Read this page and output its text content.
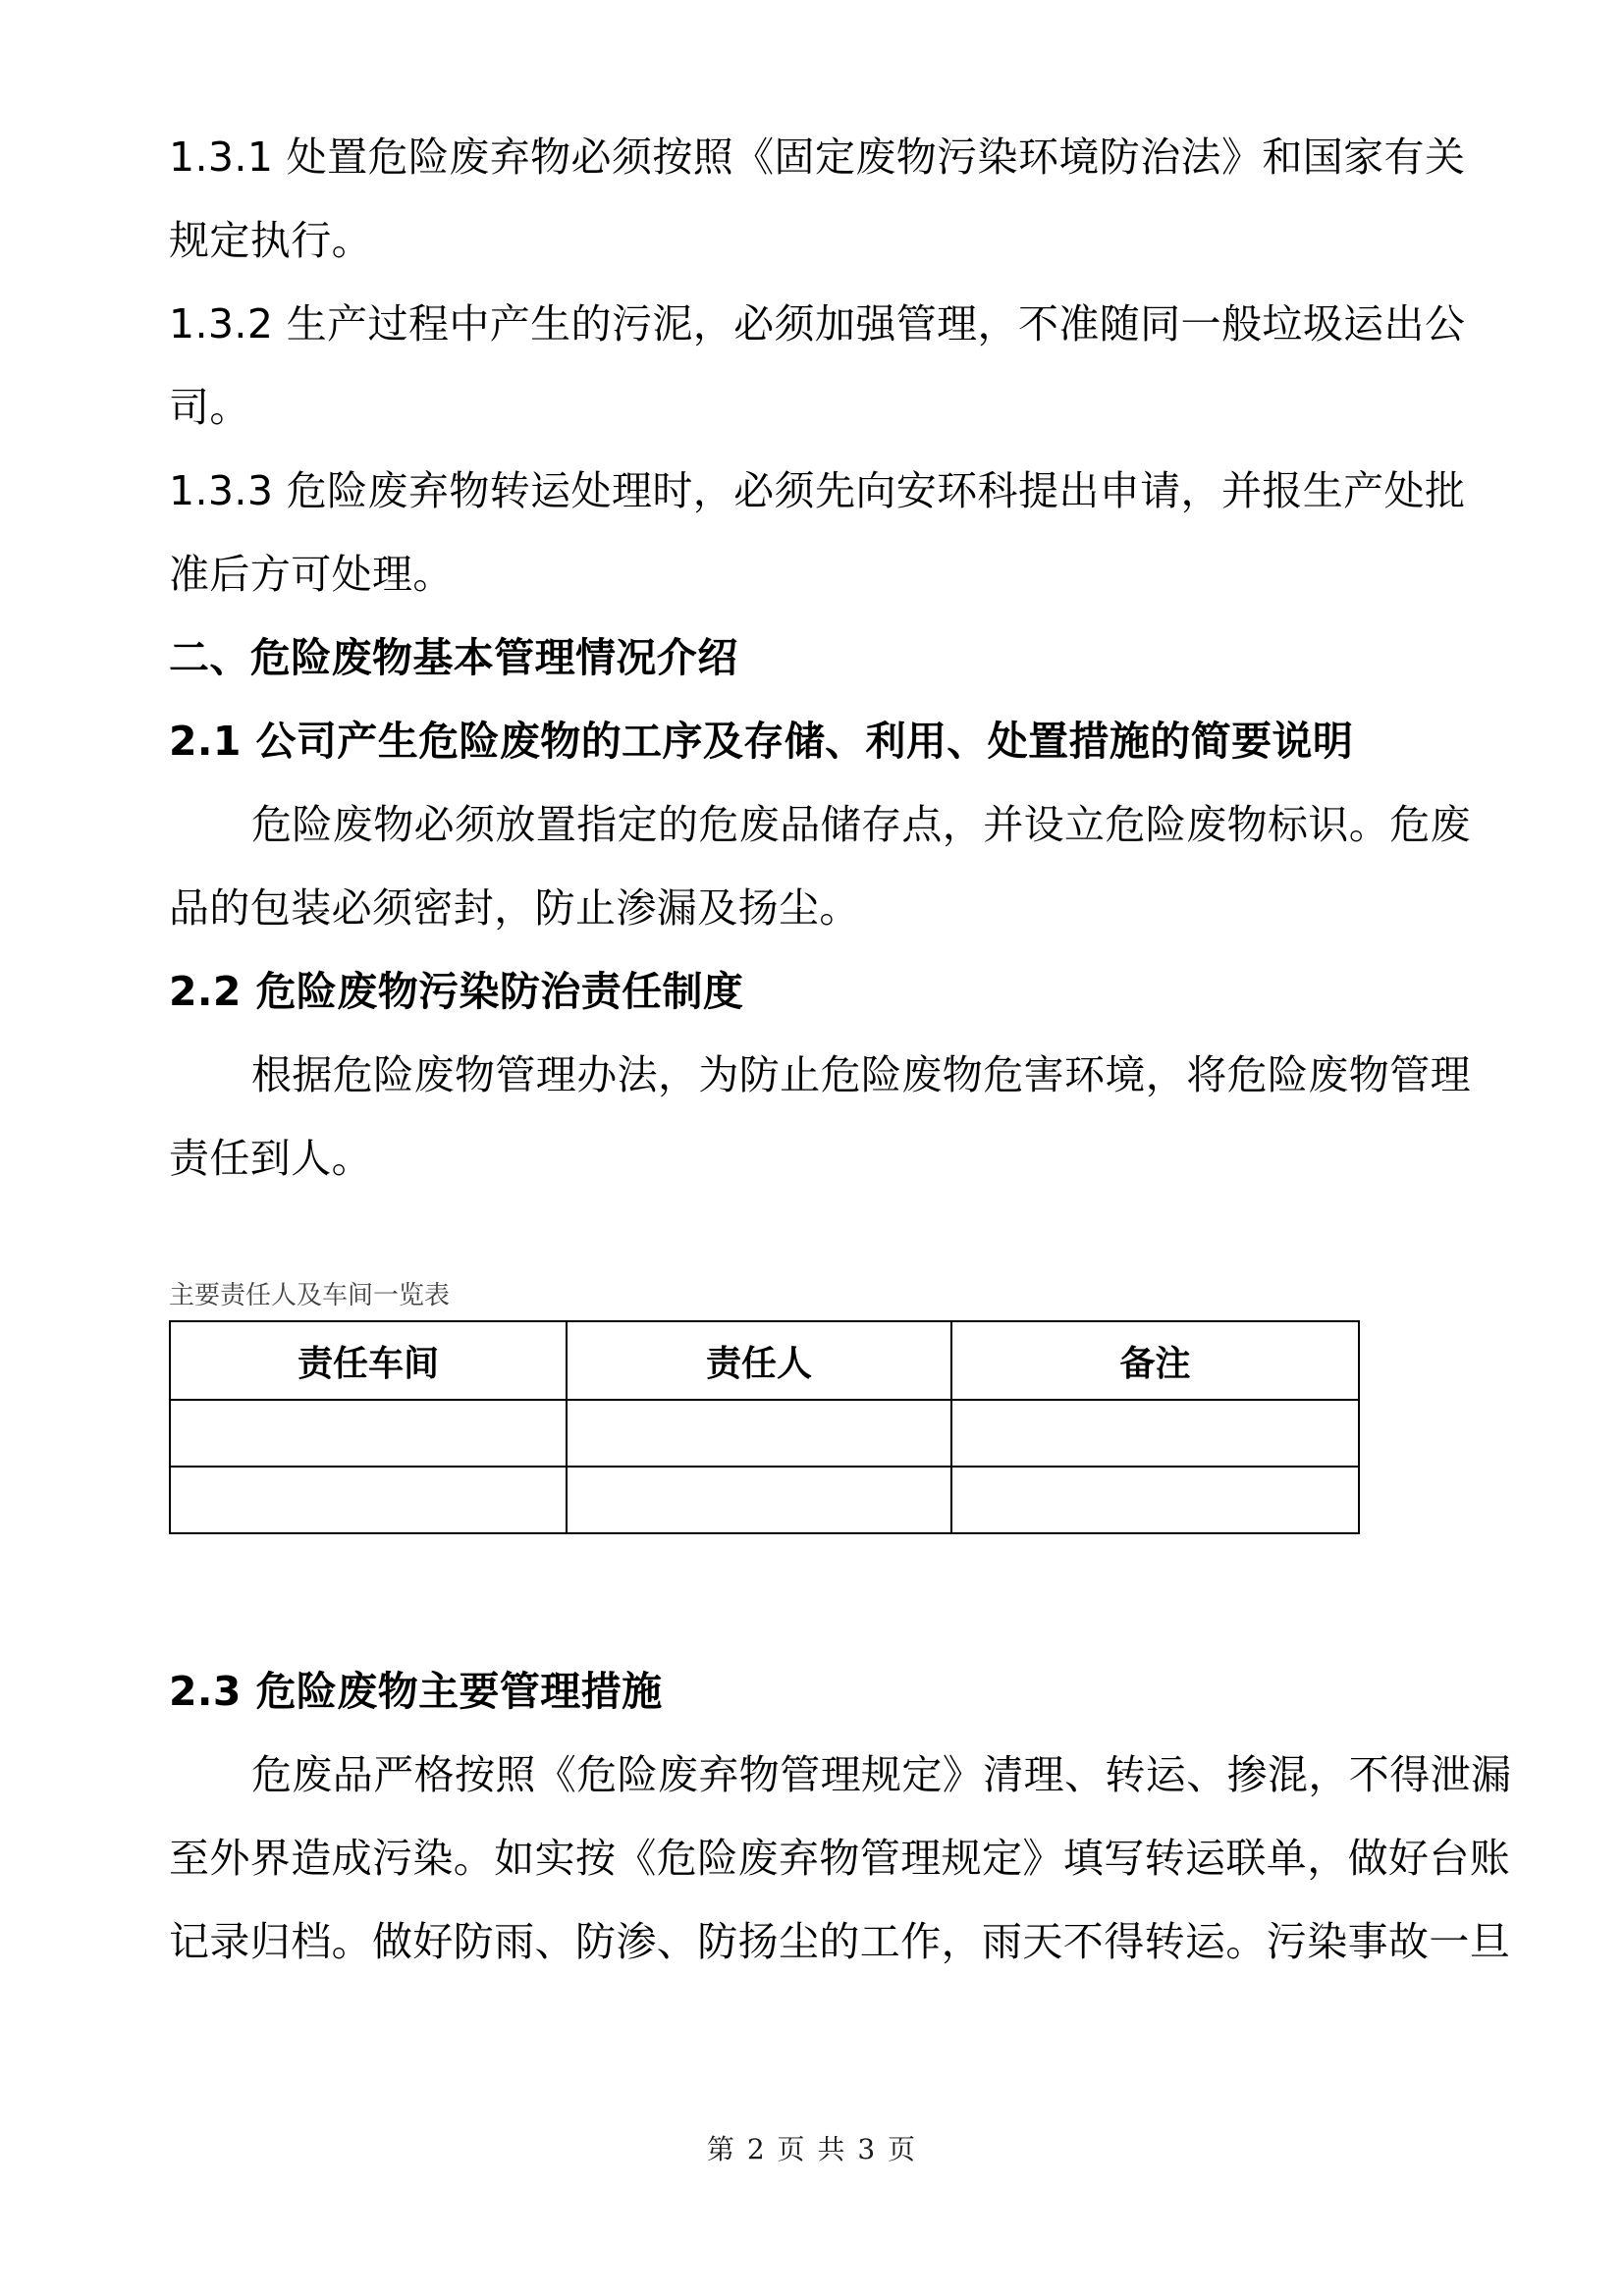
1.3.1 处置危险废弃物必须按照《固定废物污染环境防治法》和国家有关
规定执行。
1.3.2 生产过程中产生的污泥，必须加强管理，不准随同一般垃圾运出公
司。
1.3.3 危险废弃物转运处理时，必须先向安环科提出申请，并报生产处批
准后方可处理。
二、危险废物基本管理情况介绍
2.1 公司产生危险废物的工序及存储、利用、处置措施的简要说明
危险废物必须放置指定的危废品储存点，并设立危险废物标识。危废
品的包装必须密封，防止渗漏及扬尘。
2.2 危险废物污染防治责任制度
根据危险废物管理办法，为防止危险废物危害环境，将危险废物管理
责任到人。
主要责任人及车间一览表
责任车间	责任人	备注

2.3 危险废物主要管理措施
危废品严格按照《危险废弃物管理规定》清理、转运、掺混，不得泄漏
至外界造成污染。如实按《危险废弃物管理规定》填写转运联单，做好台账
记录归档。做好防雨、防渗、防扬尘的工作，雨天不得转运。污染事故一旦
第 2 页 共 3 页
